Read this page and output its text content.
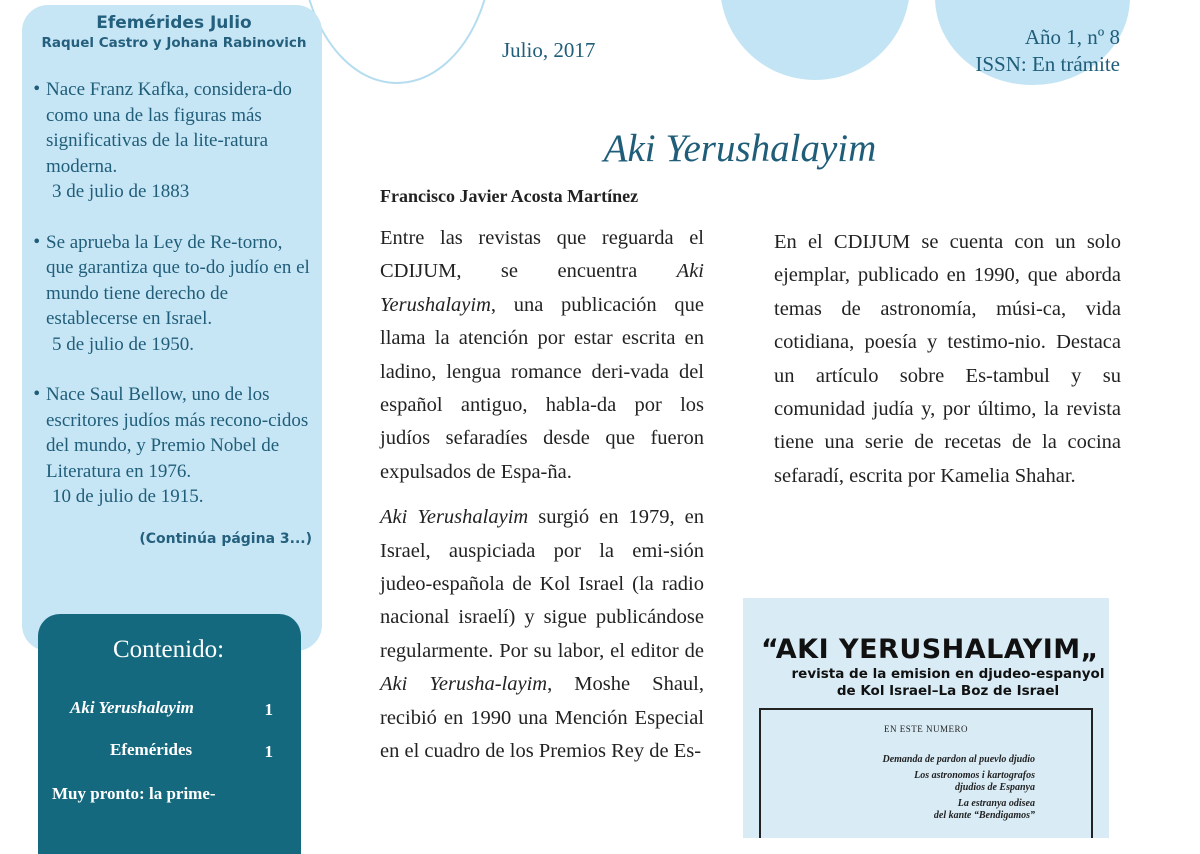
Efemérides Julio
Raquel Castro y Johana Rabinovich
• Nace Franz Kafka, considera-do como una de las figuras más significativas de la lite-ratura moderna.
3 de julio de 1883
• Se aprueba la Ley de Re-torno, que garantiza que to-do judío en el mundo tiene derecho de establecerse en Israel.
5 de julio de 1950.
• Nace Saul Bellow, uno de los escritores judíos más recono-cidos del mundo, y Premio Nobel de Literatura en 1976.
10 de julio de 1915.
(Continúa página 3...)
Contenido:
Aki Yerushalayim	1
Efemérides	1
Muy pronto: la prime-
Julio, 2017
Año 1, nº 8
ISSN: En trámite
Aki Yerushalayim
Francisco Javier Acosta Martínez

Entre las revistas que reguarda el CDIJUM, se encuentra Aki Yerushalayim, una publicación que llama la atención por estar escrita en ladino, lengua romance deri-vada del español antiguo, habla-da por los judíos sefaradíes desde que fueron expulsados de Espa-ña.

Aki Yerushalayim surgió en 1979, en Israel, auspiciada por la emi-sión judeo-española de Kol Israel (la radio nacional israelí) y sigue publicándose regularmente. Por su labor, el editor de Aki Yerusha-layim, Moshe Shaul, recibió en 1990 una Mención Especial en el cuadro de los Premios Rey de Es-

En el CDIJUM se cuenta con un solo ejemplar, publicado en 1990, que aborda temas de astronomía, músi-ca, vida cotidiana, poesía y testimo-nio. Destaca un artículo sobre Es-tambul y su comunidad judía y, por último, la revista tiene una serie de recetas de la cocina sefaradí, escrita por Kamelia Shahar.

“AKI YERUSHALAYIM„
revista de la emision en djudeo-espanyol
de Kol Israel–La Boz de Israel
EN ESTE NUMERO
Demanda de pardon al puevlo djudio
Los astronomos i kartografos
djudios de Espanya
La estranya odisea
del kante “Bendigamos”
